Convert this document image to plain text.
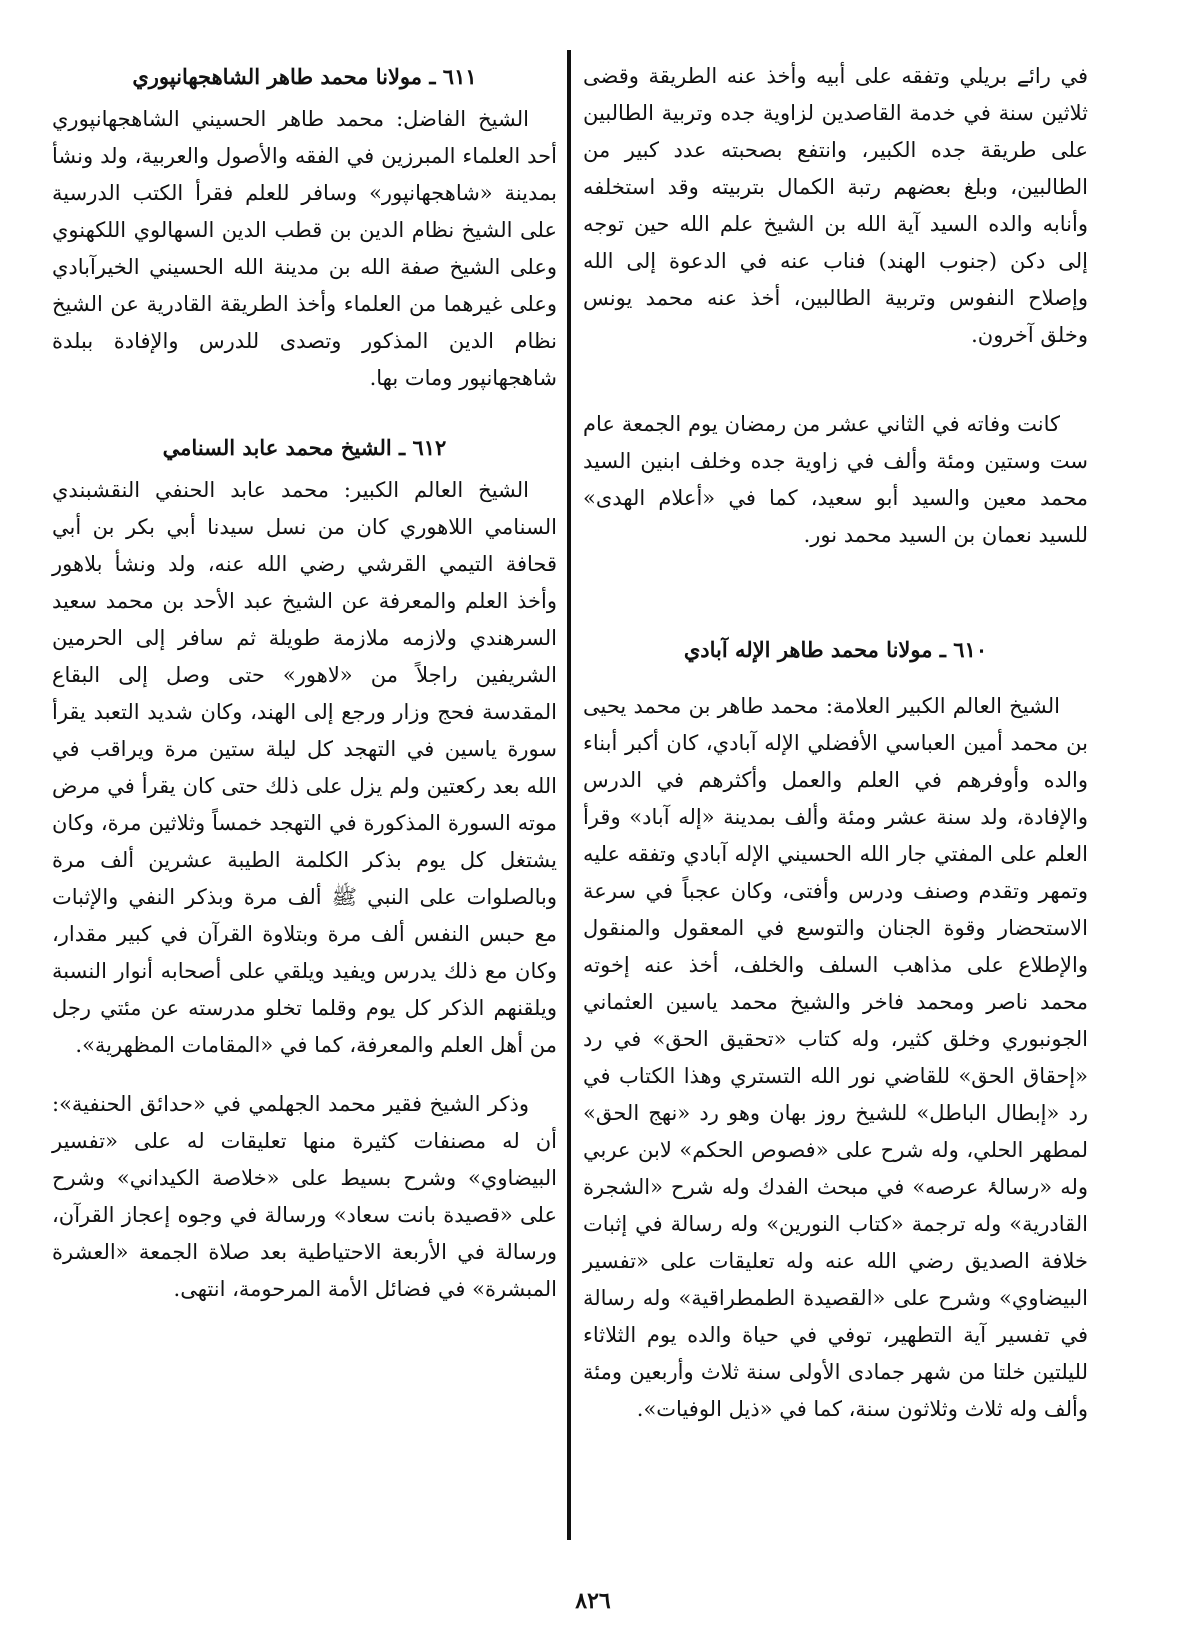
في رائے بريلي وتفقه على أبيه وأخذ عنه الطريقة وقضى ثلاثين سنة في خدمة القاصدين لزاوية جده وتربية الطالبين على طريقة جده الكبير، وانتفع بصحبته عدد كبير من الطالبين، وبلغ بعضهم رتبة الكمال بتربيته وقد استخلفه وأنابه والده السيد آية الله بن الشيخ علم الله حين توجه إلى دكن (جنوب الهند) فناب عنه في الدعوة إلى الله وإصلاح النفوس وتربية الطالبين، أخذ عنه محمد يونس وخلق آخرون.

كانت وفاته في الثاني عشر من رمضان يوم الجمعة عام ست وستين ومئة وألف في زاوية جده وخلف ابنين السيد محمد معين والسيد أبو سعيد، كما في «أعلام الهدى» للسيد نعمان بن السيد محمد نور.

٦١٠ ـ مولانا محمد طاهر الإله آبادي

الشيخ العالم الكبير العلامة: محمد طاهر بن محمد يحيى بن محمد أمين العباسي الأفضلي الإله آبادي، كان أكبر أبناء والده وأوفرهم في العلم والعمل وأكثرهم في الدرس والإفادة، ولد سنة عشر ومئة وألف بمدينة «إله آباد» وقرأ العلم على المفتي جار الله الحسيني الإله آبادي وتفقه عليه وتمهر وتقدم وصنف ودرس وأفتى، وكان عجباً في سرعة الاستحضار وقوة الجنان والتوسع في المعقول والمنقول والإطلاع على مذاهب السلف والخلف، أخذ عنه إخوته محمد ناصر ومحمد فاخر والشيخ محمد ياسين العثماني الجونبوري وخلق كثير، وله كتاب «تحقيق الحق» في رد «إحقاق الحق» للقاضي نور الله التستري وهذا الكتاب في رد «إبطال الباطل» للشيخ روز بهان وهو رد «نهج الحق» لمطهر الحلي، وله شرح على «فصوص الحكم» لابن عربي وله «رسالۂ عرصه» في مبحث الفدك وله شرح «الشجرة القادرية» وله ترجمة «كتاب النورين» وله رسالة في إثبات خلافة الصديق رضي الله عنه وله تعليقات على «تفسير البيضاوي» وشرح على «القصيدة الطمطراقية» وله رسالة في تفسير آية التطهير، توفي في حياة والده يوم الثلاثاء لليلتين خلتا من شهر جمادى الأولى سنة ثلاث وأربعين ومئة وألف وله ثلاث وثلاثون سنة، كما في «ذيل الوفيات».

٦١١ ـ مولانا محمد طاهر الشاهجهانپوري

الشيخ الفاضل: محمد طاهر الحسيني الشاهجهانپوري أحد العلماء المبرزين في الفقه والأصول والعربية، ولد ونشأ بمدينة «شاهجهانپور» وسافر للعلم فقرأ الكتب الدرسية على الشيخ نظام الدين بن قطب الدين السهالوي اللكهنوي وعلى الشيخ صفة الله بن مدينة الله الحسيني الخيرآبادي وعلى غيرهما من العلماء وأخذ الطريقة القادرية عن الشيخ نظام الدين المذكور وتصدى للدرس والإفادة ببلدة شاهجهانپور ومات بها.

٦١٢ ـ الشيخ محمد عابد السنامي

الشيخ العالم الكبير: محمد عابد الحنفي النقشبندي السنامي اللاهوري كان من نسل سيدنا أبي بكر بن أبي قحافة التيمي القرشي رضي الله عنه، ولد ونشأ بلاهور وأخذ العلم والمعرفة عن الشيخ عبد الأحد بن محمد سعيد السرهندي ولازمه ملازمة طويلة ثم سافر إلى الحرمين الشريفين راجلاً من «لاهور» حتى وصل إلى البقاع المقدسة فحج وزار ورجع إلى الهند، وكان شديد التعبد يقرأ سورة ياسين في التهجد كل ليلة ستين مرة ويراقب في الله بعد ركعتين ولم يزل على ذلك حتى كان يقرأ في مرض موته السورة المذكورة في التهجد خمساً وثلاثين مرة، وكان يشتغل كل يوم بذكر الكلمة الطيبة عشرين ألف مرة وبالصلوات على النبي ﷺ ألف مرة وبذكر النفي والإثبات مع حبس النفس ألف مرة وبتلاوة القرآن في كبير مقدار، وكان مع ذلك يدرس ويفيد ويلقي على أصحابه أنوار النسبة ويلقنهم الذكر كل يوم وقلما تخلو مدرسته عن مئتي رجل من أهل العلم والمعرفة، كما في «المقامات المظهرية».

وذكر الشيخ فقير محمد الجهلمي في «حدائق الحنفية»: أن له مصنفات كثيرة منها تعليقات له على «تفسير البيضاوي» وشرح بسيط على «خلاصة الكيداني» وشرح على «قصيدة بانت سعاد» ورسالة في وجوه إعجاز القرآن، ورسالة في الأربعة الاحتياطية بعد صلاة الجمعة «العشرة المبشرة» في فضائل الأمة المرحومة، انتهى.

٨٢٦
